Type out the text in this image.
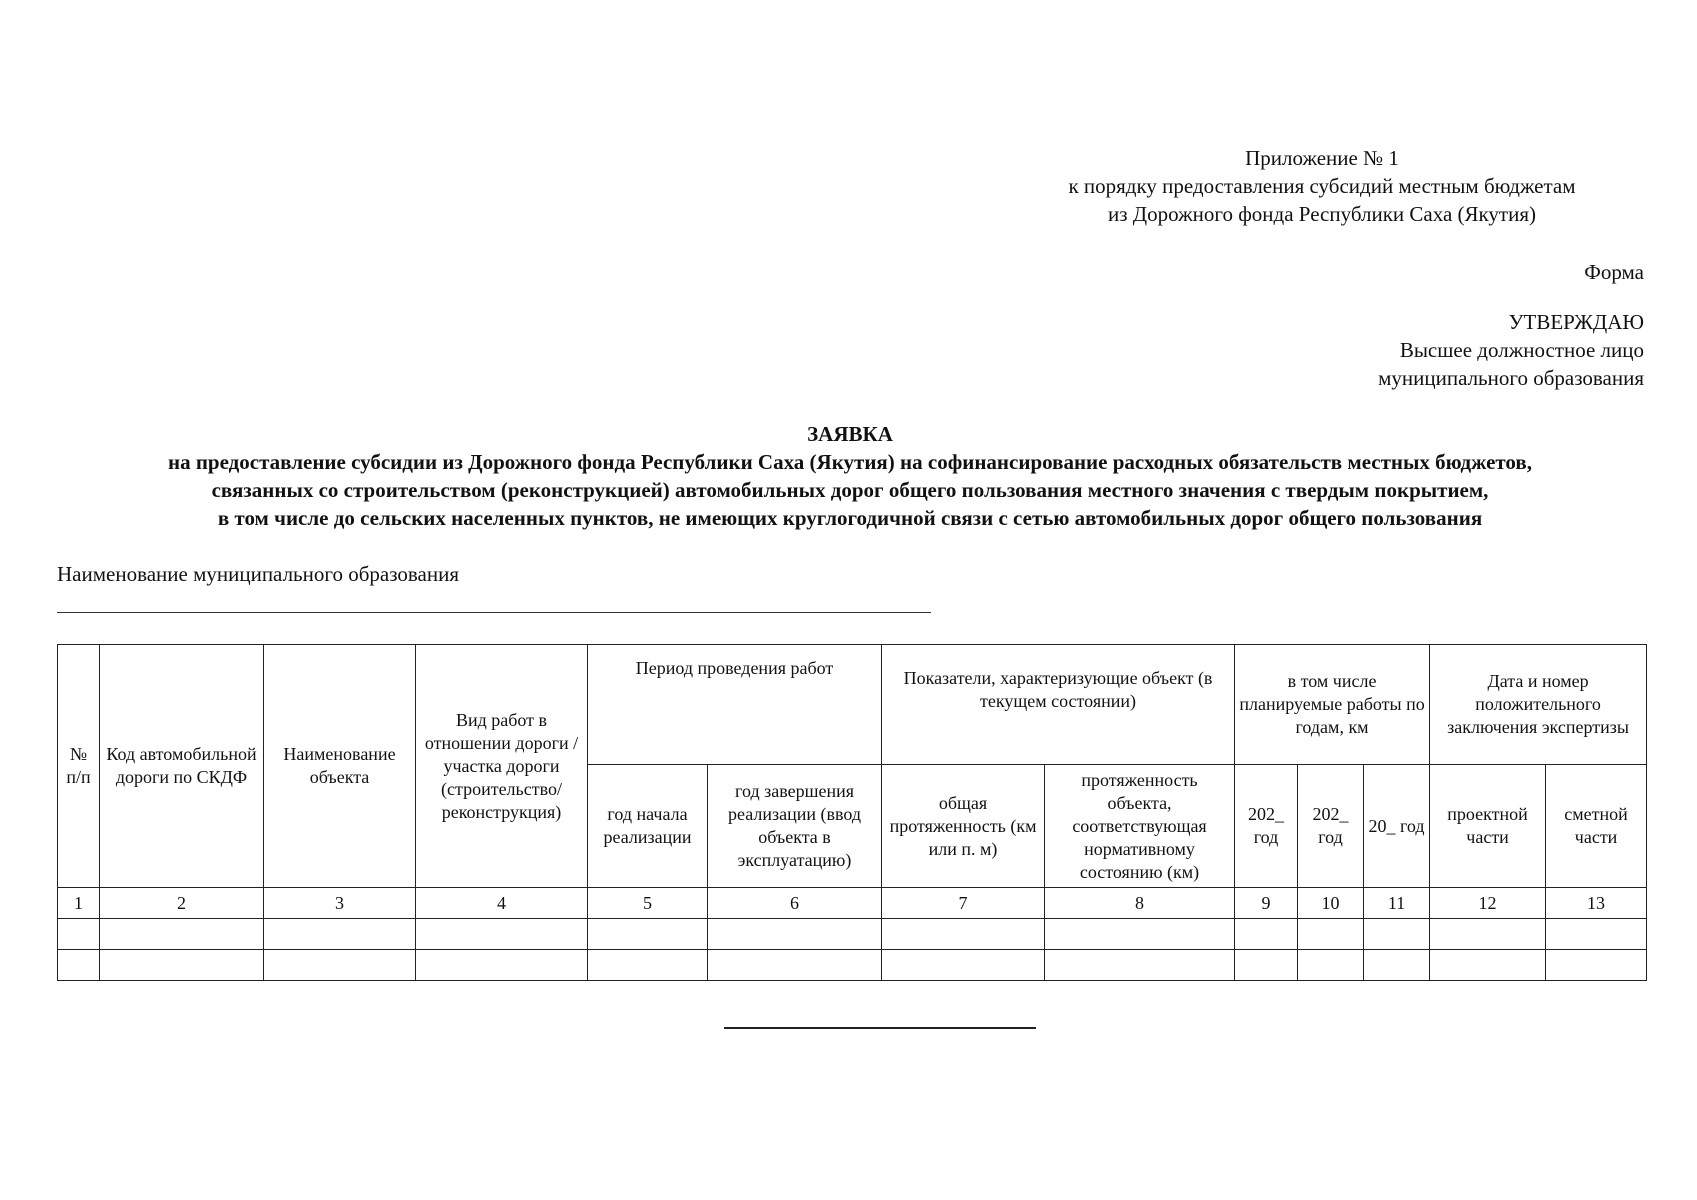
Приложение № 1
к порядку предоставления субсидий местным бюджетам
из Дорожного фонда Республики Саха (Якутия)
Форма
УТВЕРЖДАЮ
Высшее должностное лицо
муниципального образования
ЗАЯВКА
на предоставление субсидии из Дорожного фонда Республики Саха (Якутия) на софинансирование расходных обязательств местных бюджетов,
связанных со строительством (реконструкцией) автомобильных дорог общего пользования местного значения с твердым покрытием,
в том числе до сельских населенных пунктов, не имеющих круглогодичной связи с сетью автомобильных дорог общего пользования
Наименование муниципального образования
№ п/п	Код автомобильной дороги по СКДФ	Наименование объекта	Вид работ в отношении дороги / участка дороги (строительство/ реконструкция)	Период проведения работ		Показатели, характеризующие объект (в текущем состоянии)		в том числе планируемые работы по годам, км			Дата и номер положительного заключения экспертизы	
				год начала реализации	год завершения реализации (ввод объекта в эксплуатацию)	общая протяженность (км или п. м)	протяженность объекта, соответствующая нормативному состоянию (км)	202_ год	202_ год	20_ год	проектной части	сметной части
1	2	3	4	5	6	7	8	9	10	11	12	13
